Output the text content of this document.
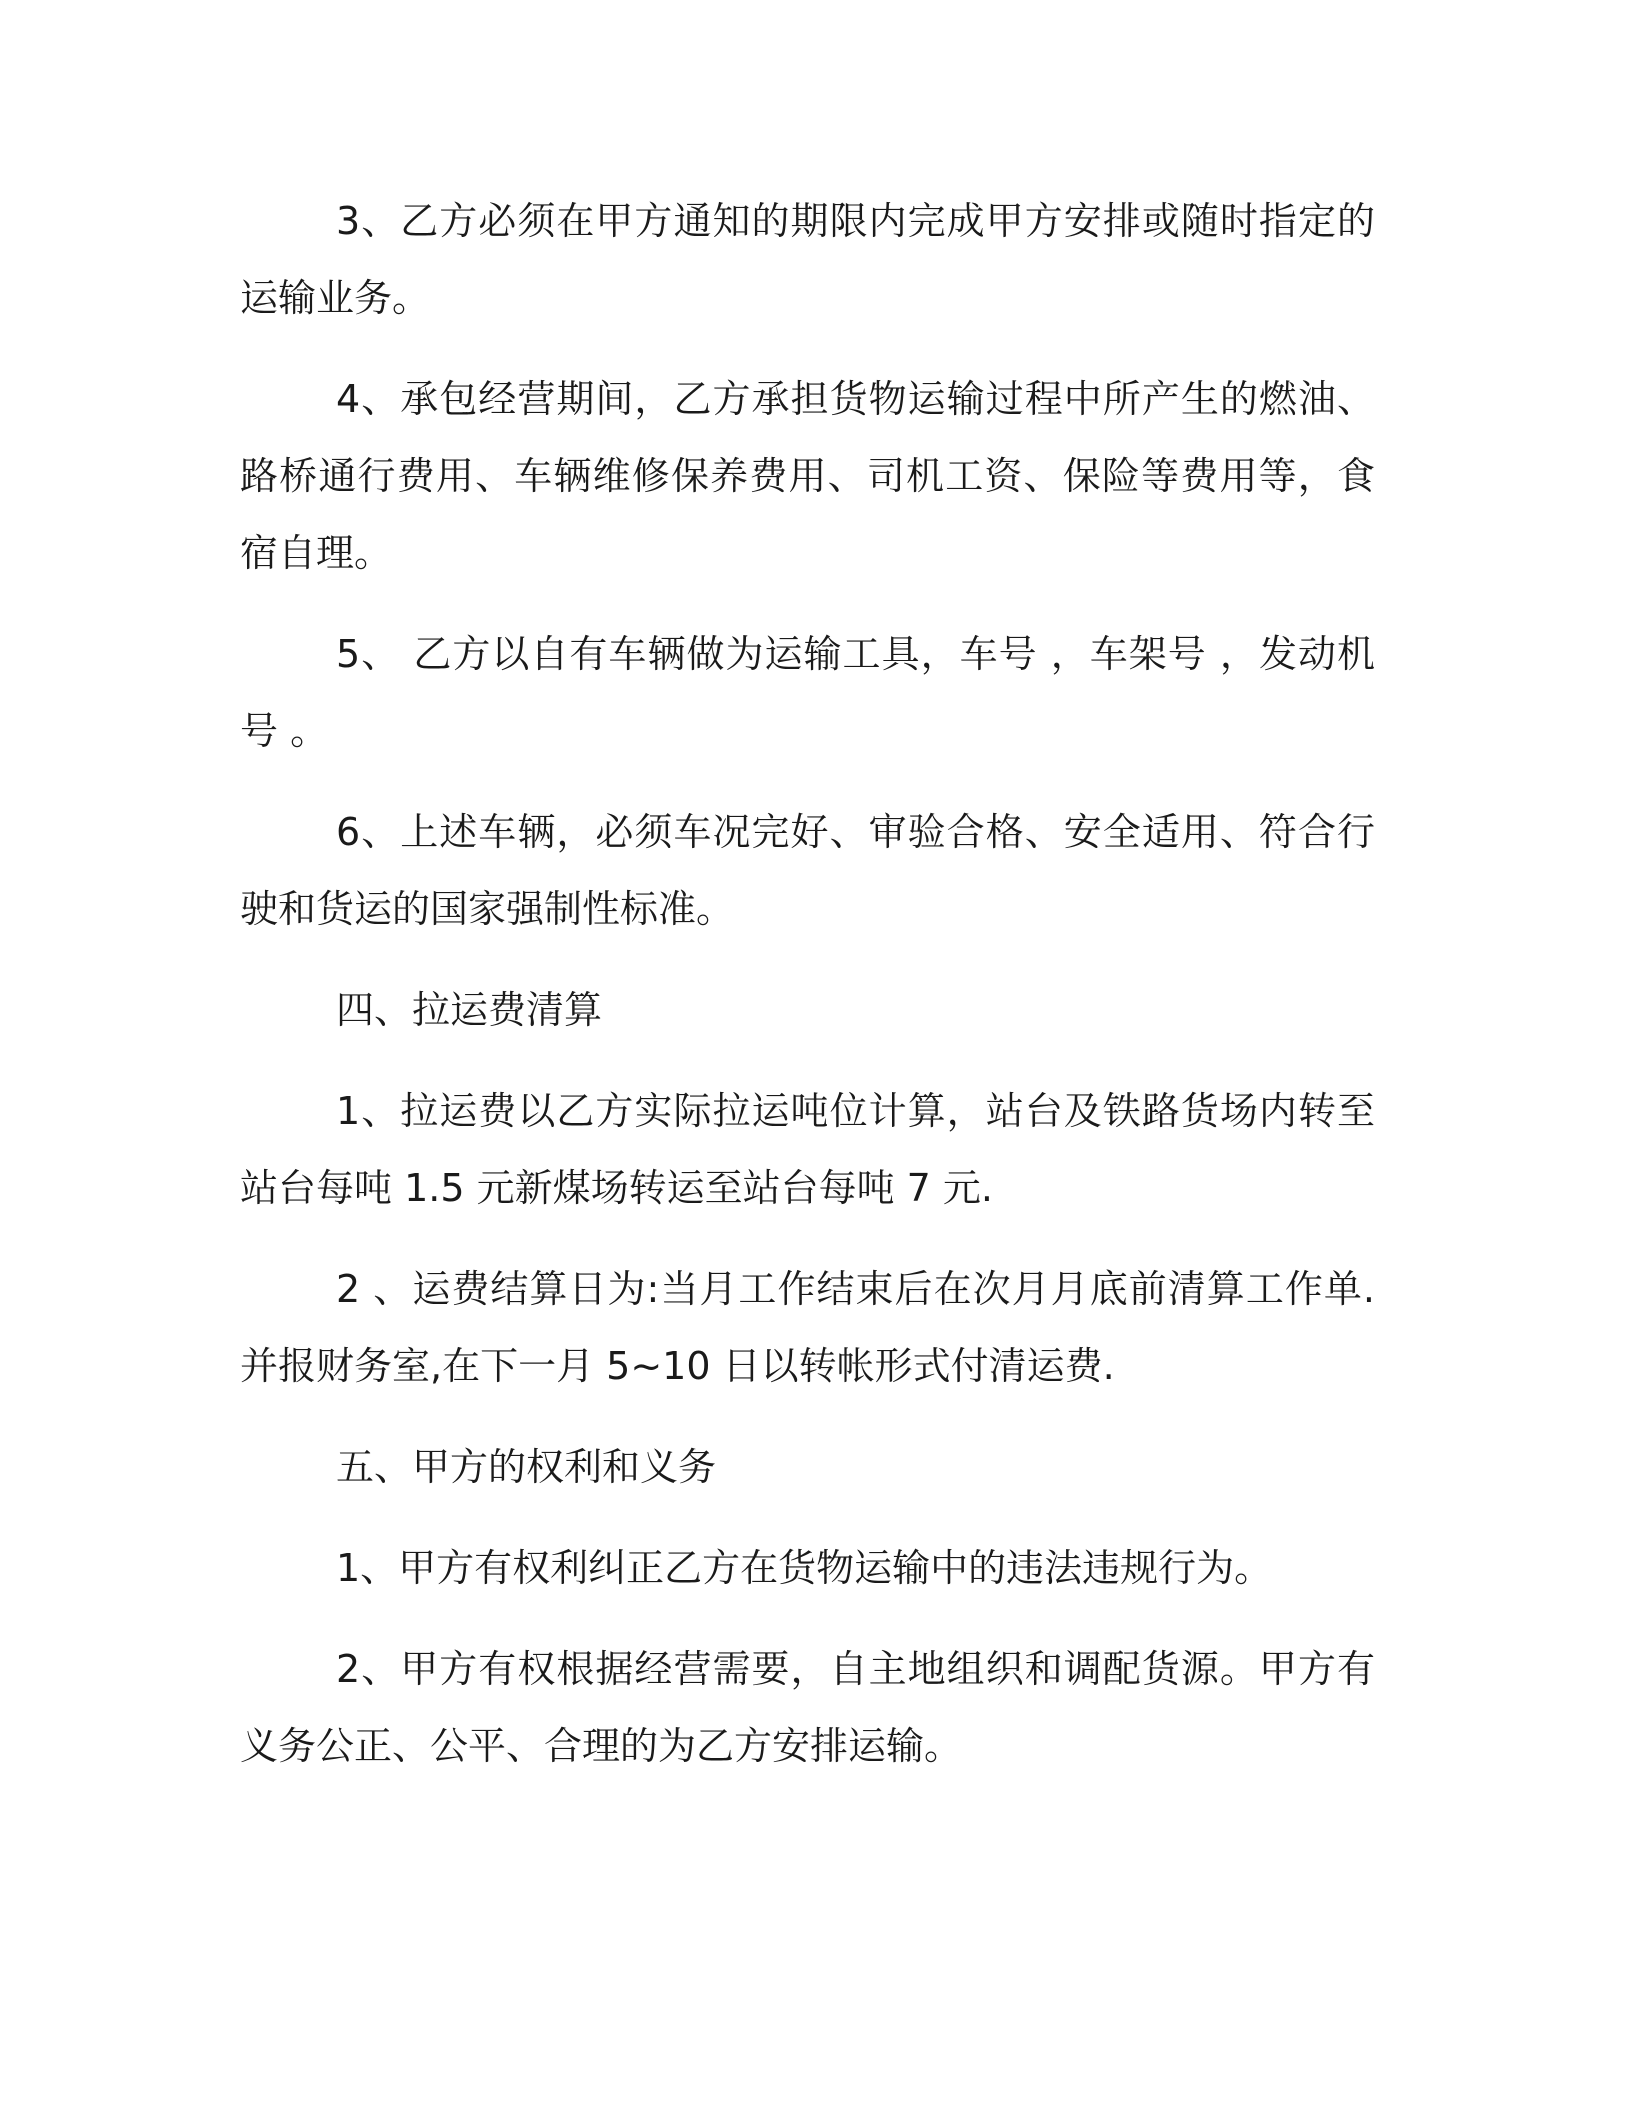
3、乙方必须在甲方通知的期限内完成甲方安排或随时指定的运输业务。

4、承包经营期间，乙方承担货物运输过程中所产生的燃油、路桥通行费用、车辆维修保养费用、司机工资、保险等费用等，食宿自理。

5、 乙方以自有车辆做为运输工具，车号 ，车架号 ，发动机号 。

6、上述车辆，必须车况完好、审验合格、安全适用、符合行驶和货运的国家强制性标准。

四、拉运费清算

1、拉运费以乙方实际拉运吨位计算，站台及铁路货场内转至站台每吨 1.5 元新煤场转运至站台每吨 7 元.

2 、运费结算日为:当月工作结束后在次月月底前清算工作单.并报财务室,在下一月 5~10 日以转帐形式付清运费.

五、甲方的权利和义务

1、甲方有权利纠正乙方在货物运输中的违法违规行为。

2、甲方有权根据经营需要，自主地组织和调配货源。甲方有义务公正、公平、合理的为乙方安排运输。
